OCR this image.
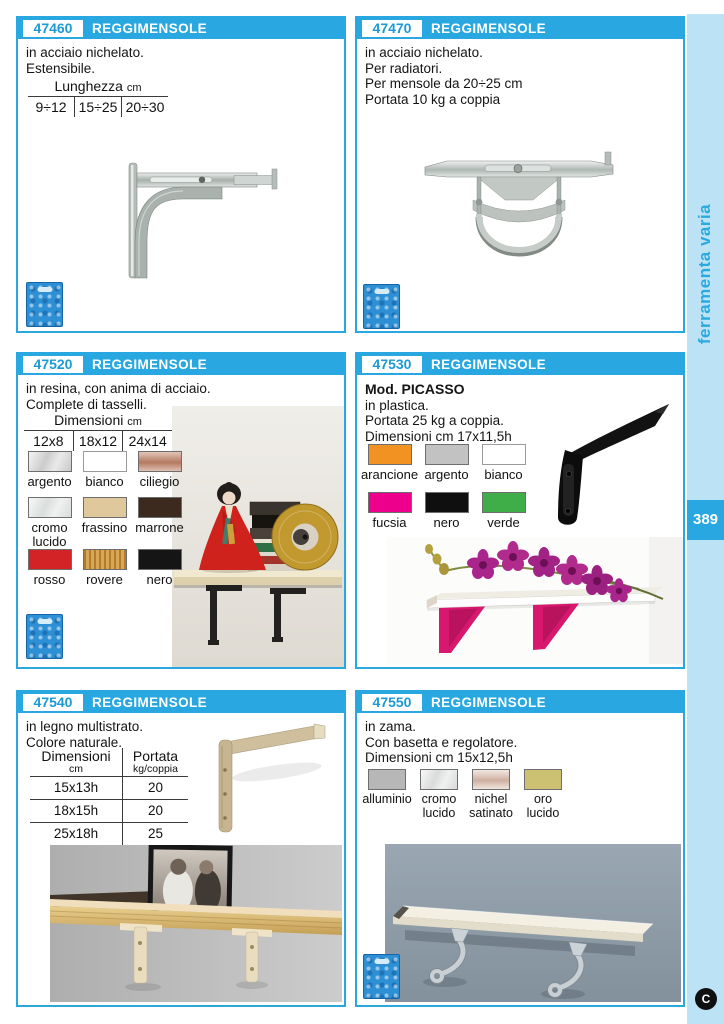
47460	REGGIMENSOLE
in acciaio nichelato.
Estensibile.
Lunghezza cm
9÷12 15÷25 20÷30
47470	REGGIMENSOLE
in acciaio nichelato.
Per radiatori.
Per mensole da 20÷25 cm
Portata 10 kg a coppia
47520	REGGIMENSOLE
in resina, con anima di acciaio.
Complete di tasselli.
Dimensioni cm
12x8	18x12 24x14
argento bianco ciliegio
cromo lucido
frassino marrone
rosso rovere nero
47530	REGGIMENSOLE
Mod. PICASSO
in plastica.
Portata 25 kg a coppia.
Dimensioni cm 17x11,5h
arancione argento bianco
fucsia nero verde
47540	REGGIMENSOLE
in legno multistrato.
Colore naturale.
Dimensioni
cm
Portata
kg/coppia
15x13h	20
18x15h	20
25x18h	25
47550	REGGIMENSOLE
in zama.
Con basetta e regolatore.
Dimensioni cm 15x12,5h
alluminio cromo lucido
nichel satinato
oro lucido
ferramenta varia
389
C
